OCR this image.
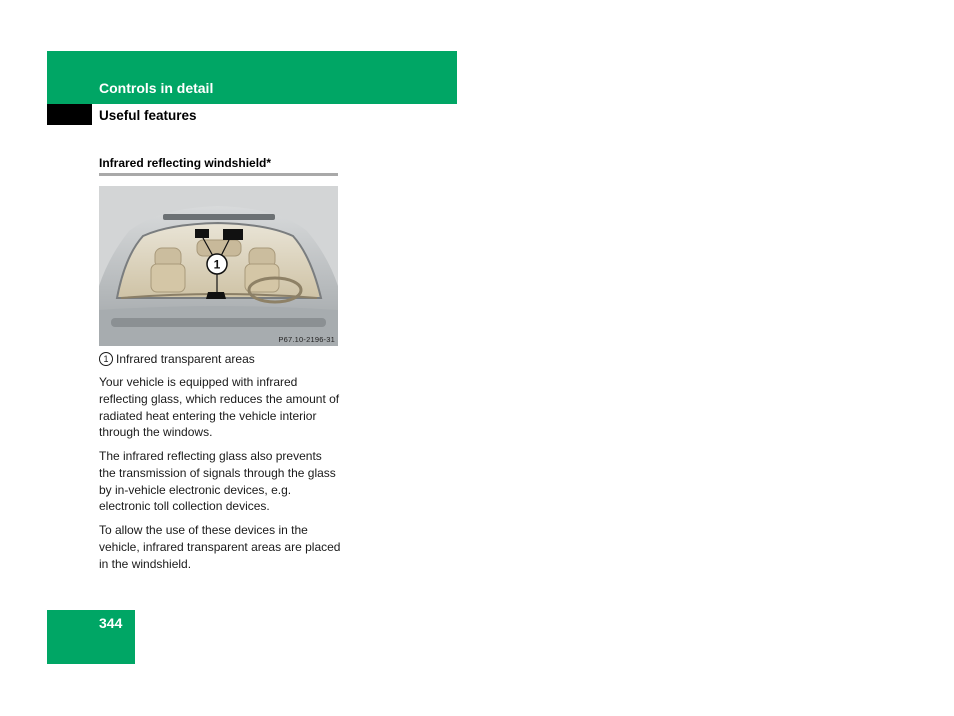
Controls in detail
Useful features
Infrared reflecting windshield*
1
P67.10-2196-31
1 Infrared transparent areas

Your vehicle is equipped with infrared reflecting glass, which reduces the amount of radiated heat entering the vehicle interior through the windows.

The infrared reflecting glass also prevents the transmission of signals through the glass by in-vehicle electronic devices, e.g. electronic toll collection devices.

To allow the use of these devices in the vehicle, infrared transparent areas are placed in the windshield.

344
